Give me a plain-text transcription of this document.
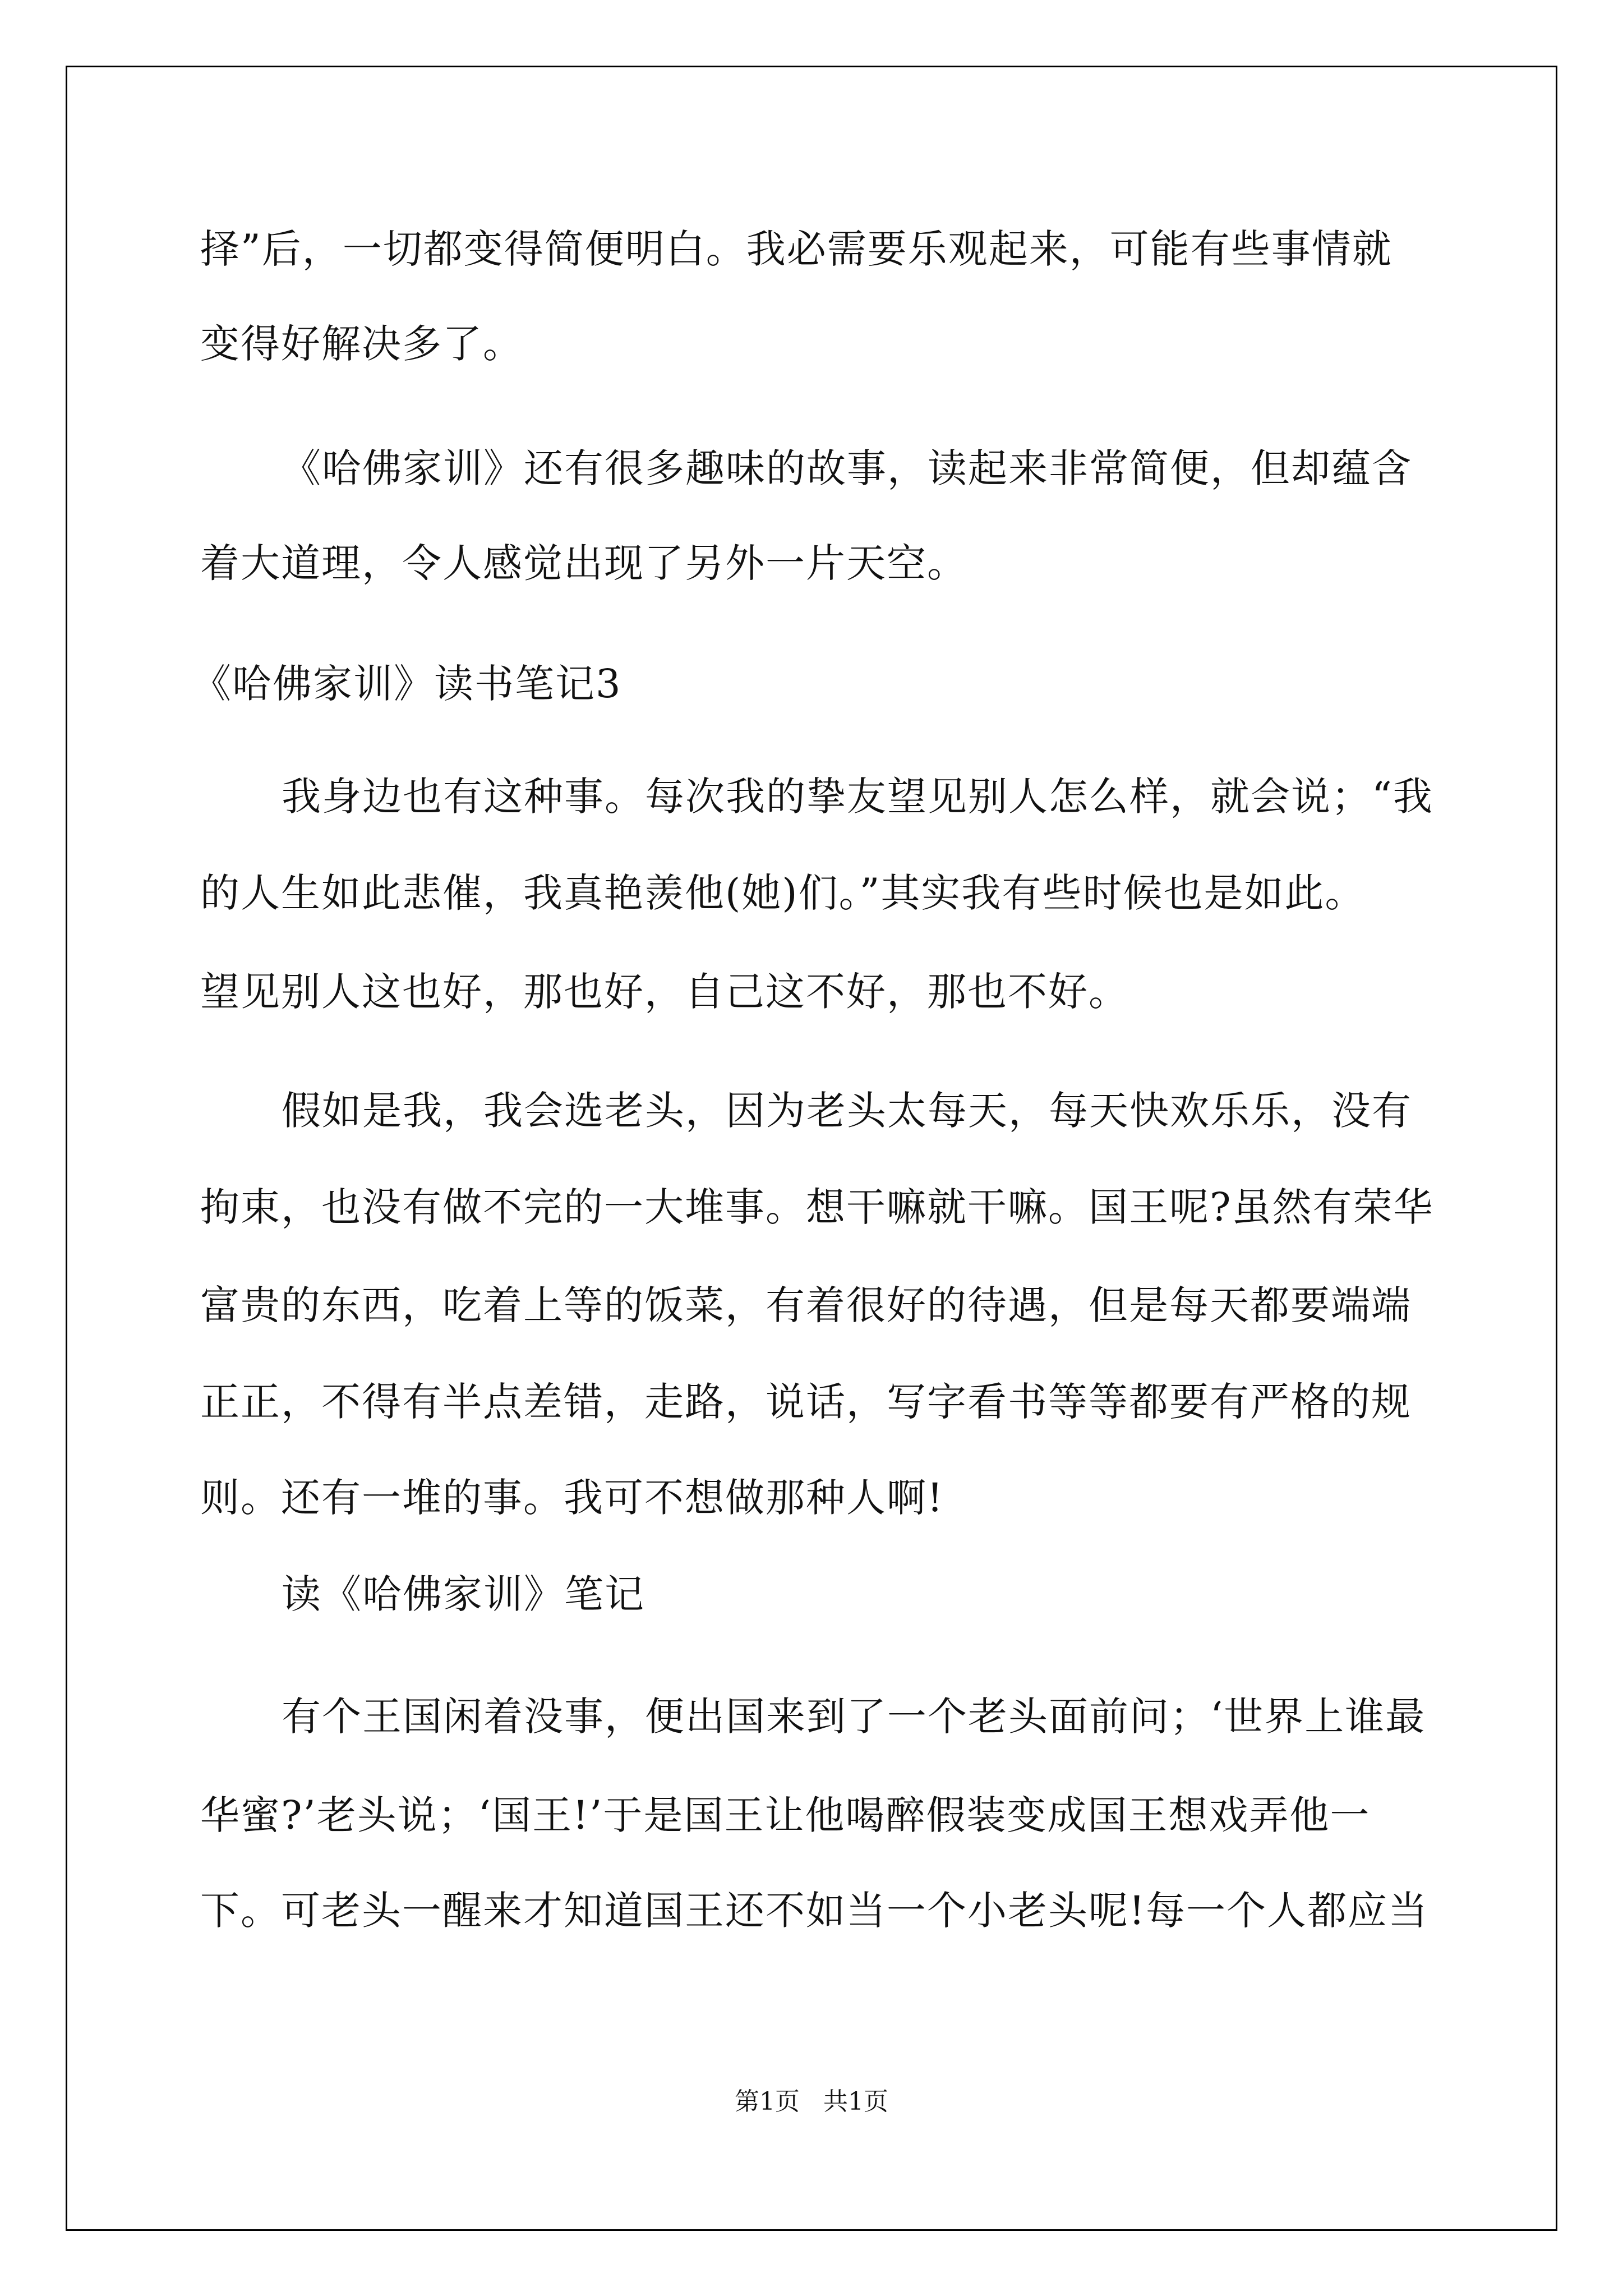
择”后，一切都变得简便明白。我必需要乐观起来，可能有些事情就
变得好解决多了。
《哈佛家训》还有很多趣味的故事，读起来非常简便，但却蕴含
着大道理，令人感觉出现了另外一片天空。
《哈佛家训》读书笔记3
我身边也有这种事。每次我的挚友望见别人怎么样，就会说；“我
的人生如此悲催，我真艳羡他(她)们。”其实我有些时候也是如此。
望见别人这也好，那也好，自己这不好，那也不好。
假如是我，我会选老头，因为老头太每天，每天快欢乐乐，没有
拘束，也没有做不完的一大堆事。想干嘛就干嘛。国王呢?虽然有荣华
富贵的东西，吃着上等的饭菜，有着很好的待遇，但是每天都要端端
正正，不得有半点差错，走路，说话，写字看书等等都要有严格的规
则。还有一堆的事。我可不想做那种人啊!
读《哈佛家训》笔记
有个王国闲着没事，便出国来到了一个老头面前问；‘世界上谁最
华蜜?’老头说；‘国王!’于是国王让他喝醉假装变成国王想戏弄他一
下。可老头一醒来才知道国王还不如当一个小老头呢!每一个人都应当
第1页   共1页
